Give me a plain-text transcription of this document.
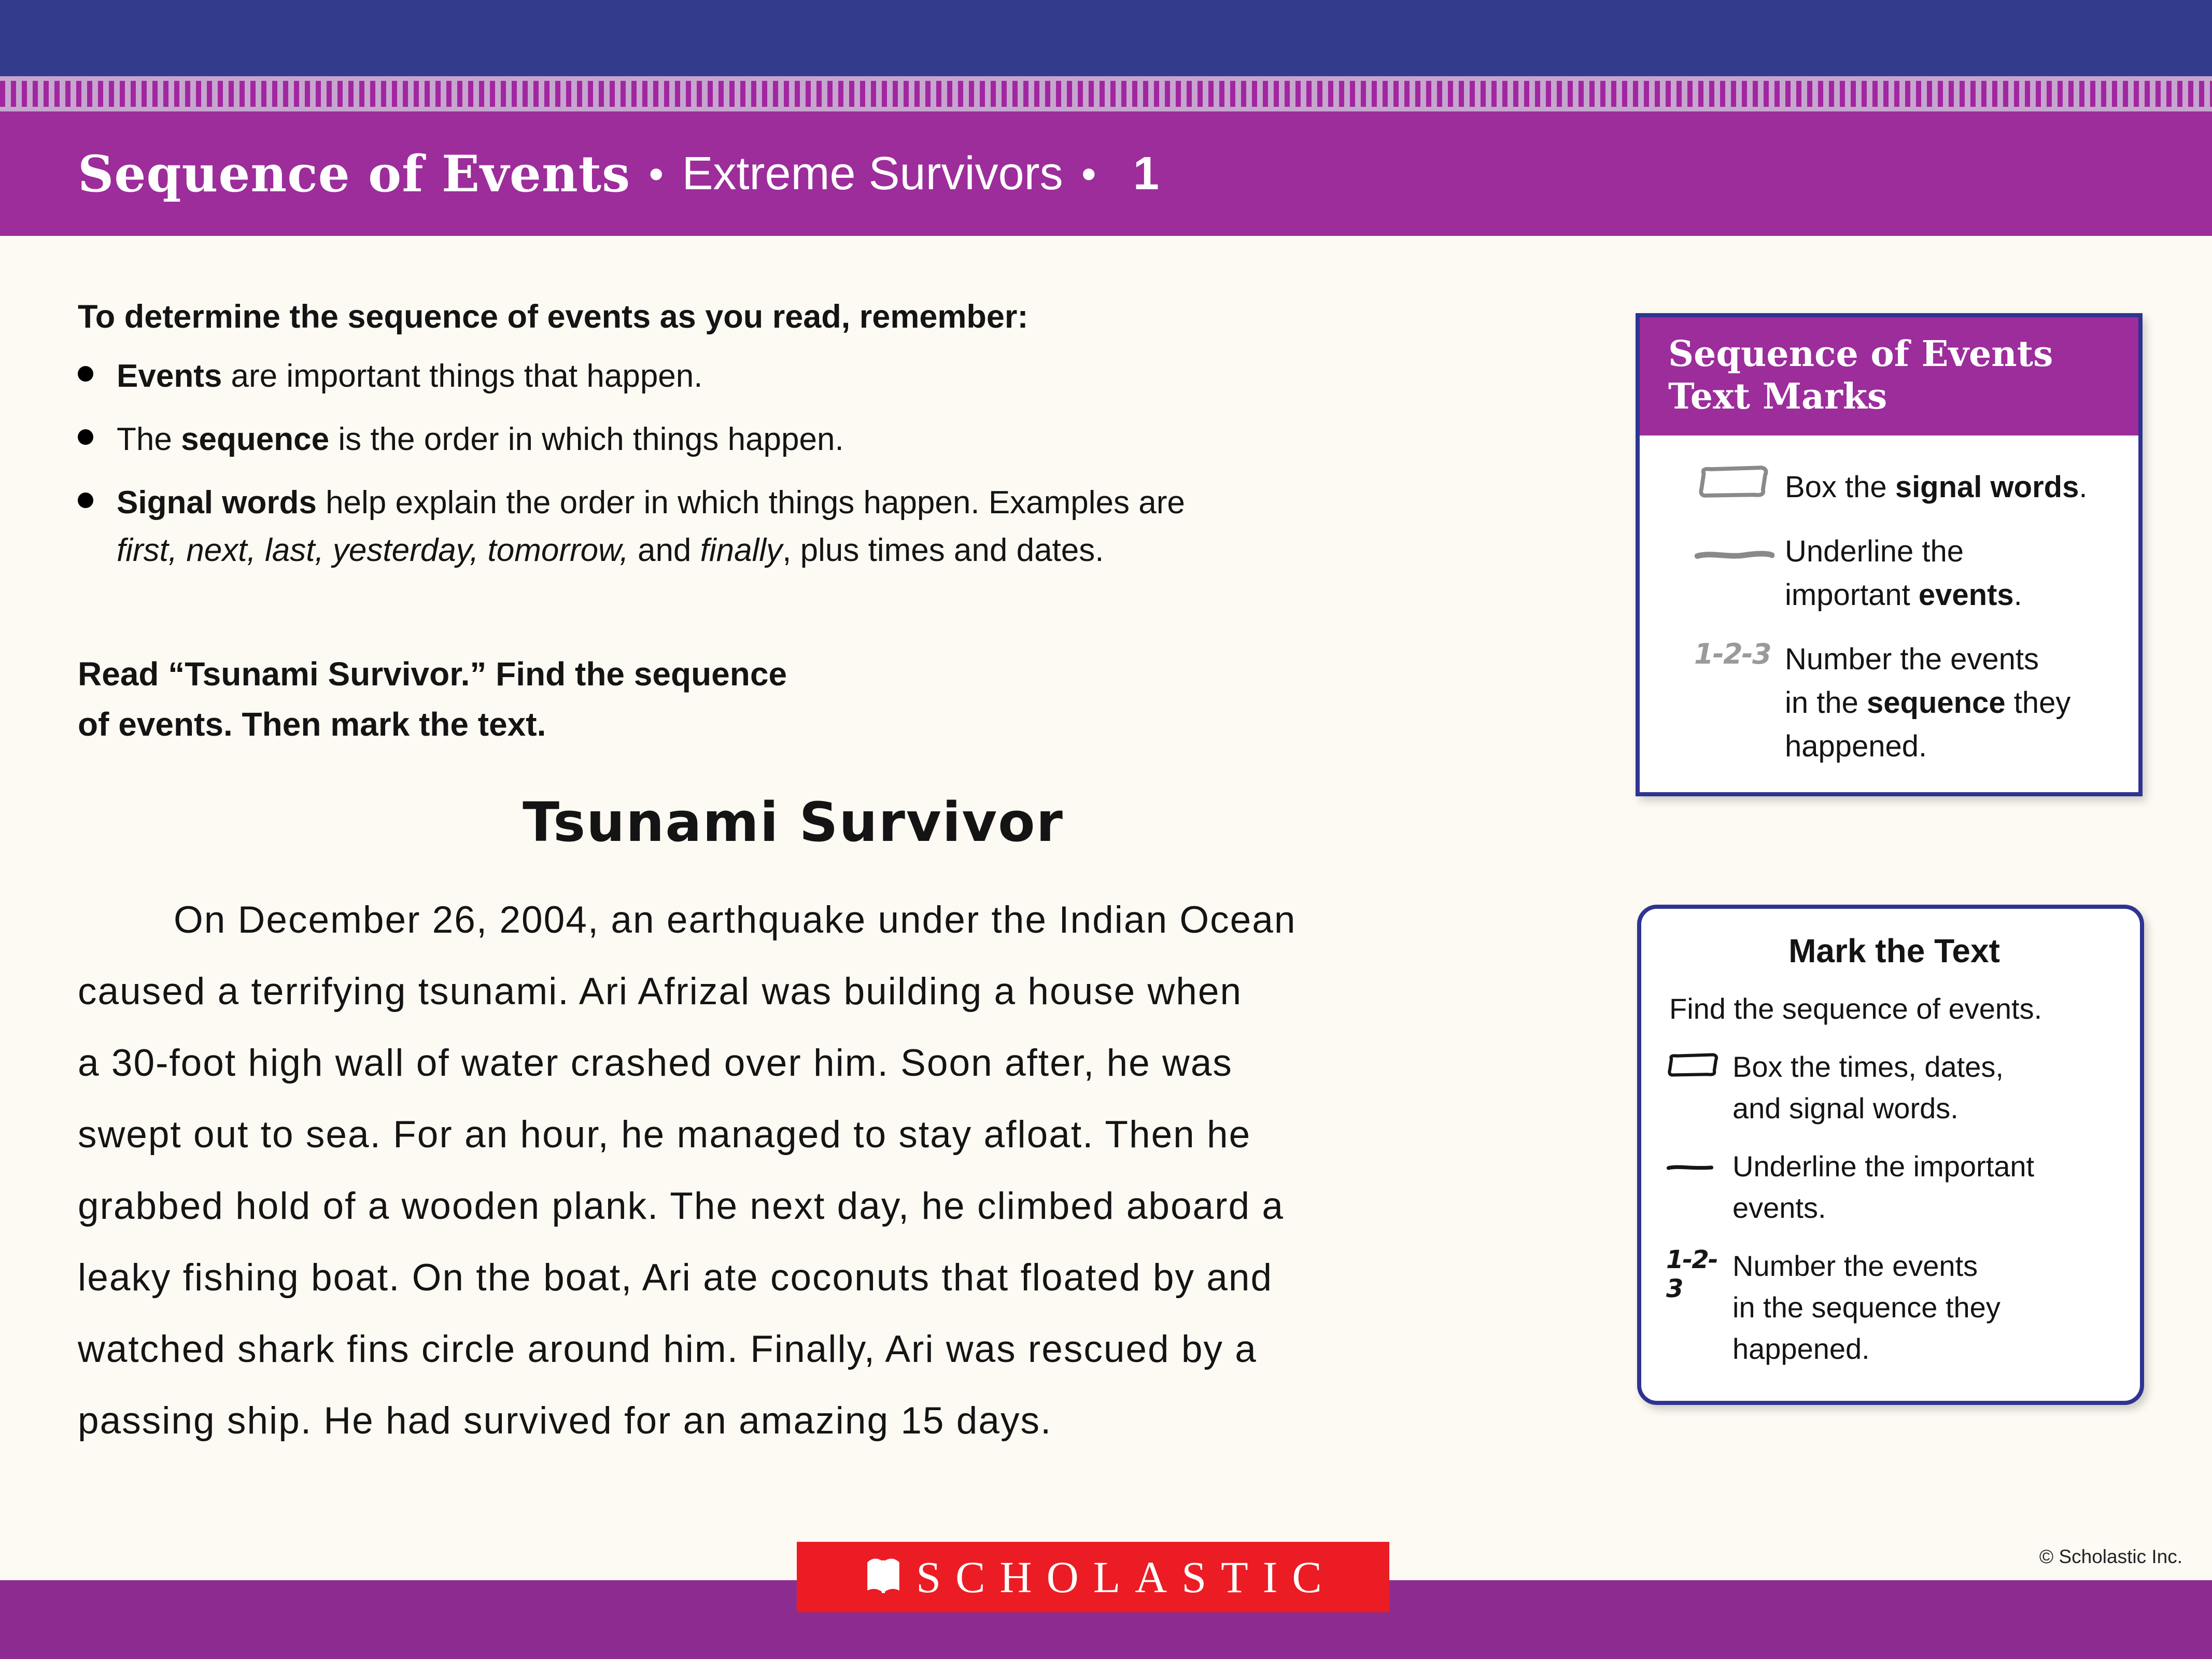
Sequence of Events • Extreme Survivors • 1
To determine the sequence of events as you read, remember:
Events are important things that happen.
The sequence is the order in which things happen.
Signal words help explain the order in which things happen. Examples are
first, next, last, yesterday, tomorrow, and finally, plus times and dates.
Read “Tsunami Survivor.” Find the sequence
of events. Then mark the text.
Tsunami Survivor
On December 26, 2004, an earthquake under the Indian Ocean
caused a terrifying tsunami. Ari Afrizal was building a house when
a 30-foot high wall of water crashed over him. Soon after, he was
swept out to sea. For an hour, he managed to stay afloat. Then he
grabbed hold of a wooden plank. The next day, he climbed aboard a
leaky fishing boat. On the boat, Ari ate coconuts that floated by and
watched shark fins circle around him. Finally, Ari was rescued by a
passing ship. He had survived for an amazing 15 days.
Sequence of Events
Text Marks
Box the signal words.
Underline the
important events.
1-2-3 Number the events
in the sequence they
happened.
Mark the Text
Find the sequence of events.
Box the times, dates,
and signal words.
Underline the important
events.
1-2-3
Number the events
in the sequence they
happened.
SCHOLASTIC	© Scholastic Inc.
